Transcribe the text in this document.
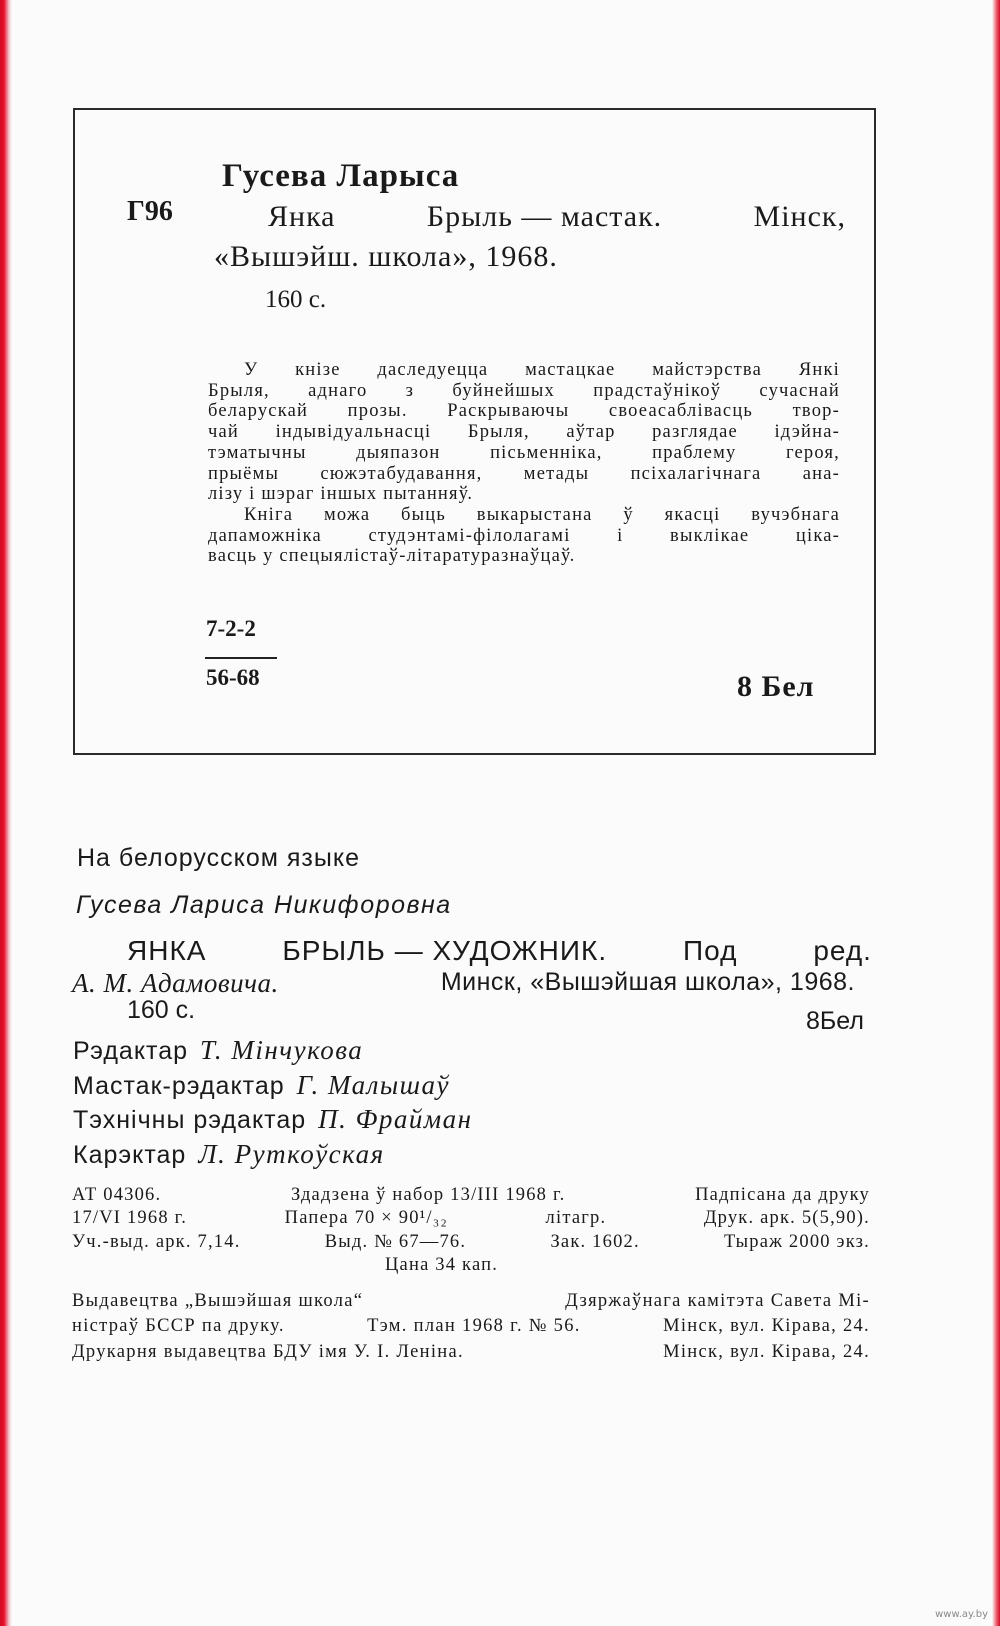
Гусева Ларыса
Г96	Янка	Брыль — мастак.	Мінск,
«Вышэйш. школа», 1968.
160 с.

У кнізе даследуецца мастацкае майстэрства Янкі

Брыля, аднаго з буйнейшых прадстаўнікоў сучаснай

беларускай прозы. Раскрываючы своеасаблівасць твор-

чай індывідуальнасці Брыля, аўтар разглядае ідэйна-

тэматычны дыяпазон пісьменніка, праблему героя,

прыёмы сюжэтабудавання, метады псіхалагічнага ана-

лізу і шэраг іншых пытанняў.

Кніга можа быць выкарыстана ў якасці вучэбнага

дапаможніка студэнтамі-філолагамі і выклікае ціка-

васць у спецыялістаў-літаратуразнаўцаў.

7-2-2
56-68	8 Бел
На белорусском языке
Гусева Лариса Никифоровна
ЯНКА	БРЫЛЬ — ХУДОЖНИК.	Под	ред.
А. М. Адамовича.	Минск, «Вышэйшая школа», 1968.
160 с.	8Бел
Рэдактар Т. Мінчукова
Мастак-рэдактар Г. Малышаў
Тэхнічны рэдактар П. Фрайман
Карэктар Л. Руткоўская
АТ 04306.	Здадзена ў набор 13/III 1968 г.	Падпісана да друку
17/VI 1968 г.	Папера 70 × 90¹/₃₂	літагр.	Друк. арк. 5(5,90).
Уч.-выд. арк. 7,14.	Выд. № 67—76.	Зак. 1602.	Тыраж 2000 экз.
Цана 34 кап.
Выдавецтва „Вышэйшая школа“	Дзяржаўнага камітэта Савета Мі-
ністраў БССР па друку.	Тэм. план 1968 г. № 56.	Мінск, вул. Кірава, 24.
Друкарня выдавецтва БДУ імя У. І. Леніна.	Мінск, вул. Кірава, 24.
www.ay.by
